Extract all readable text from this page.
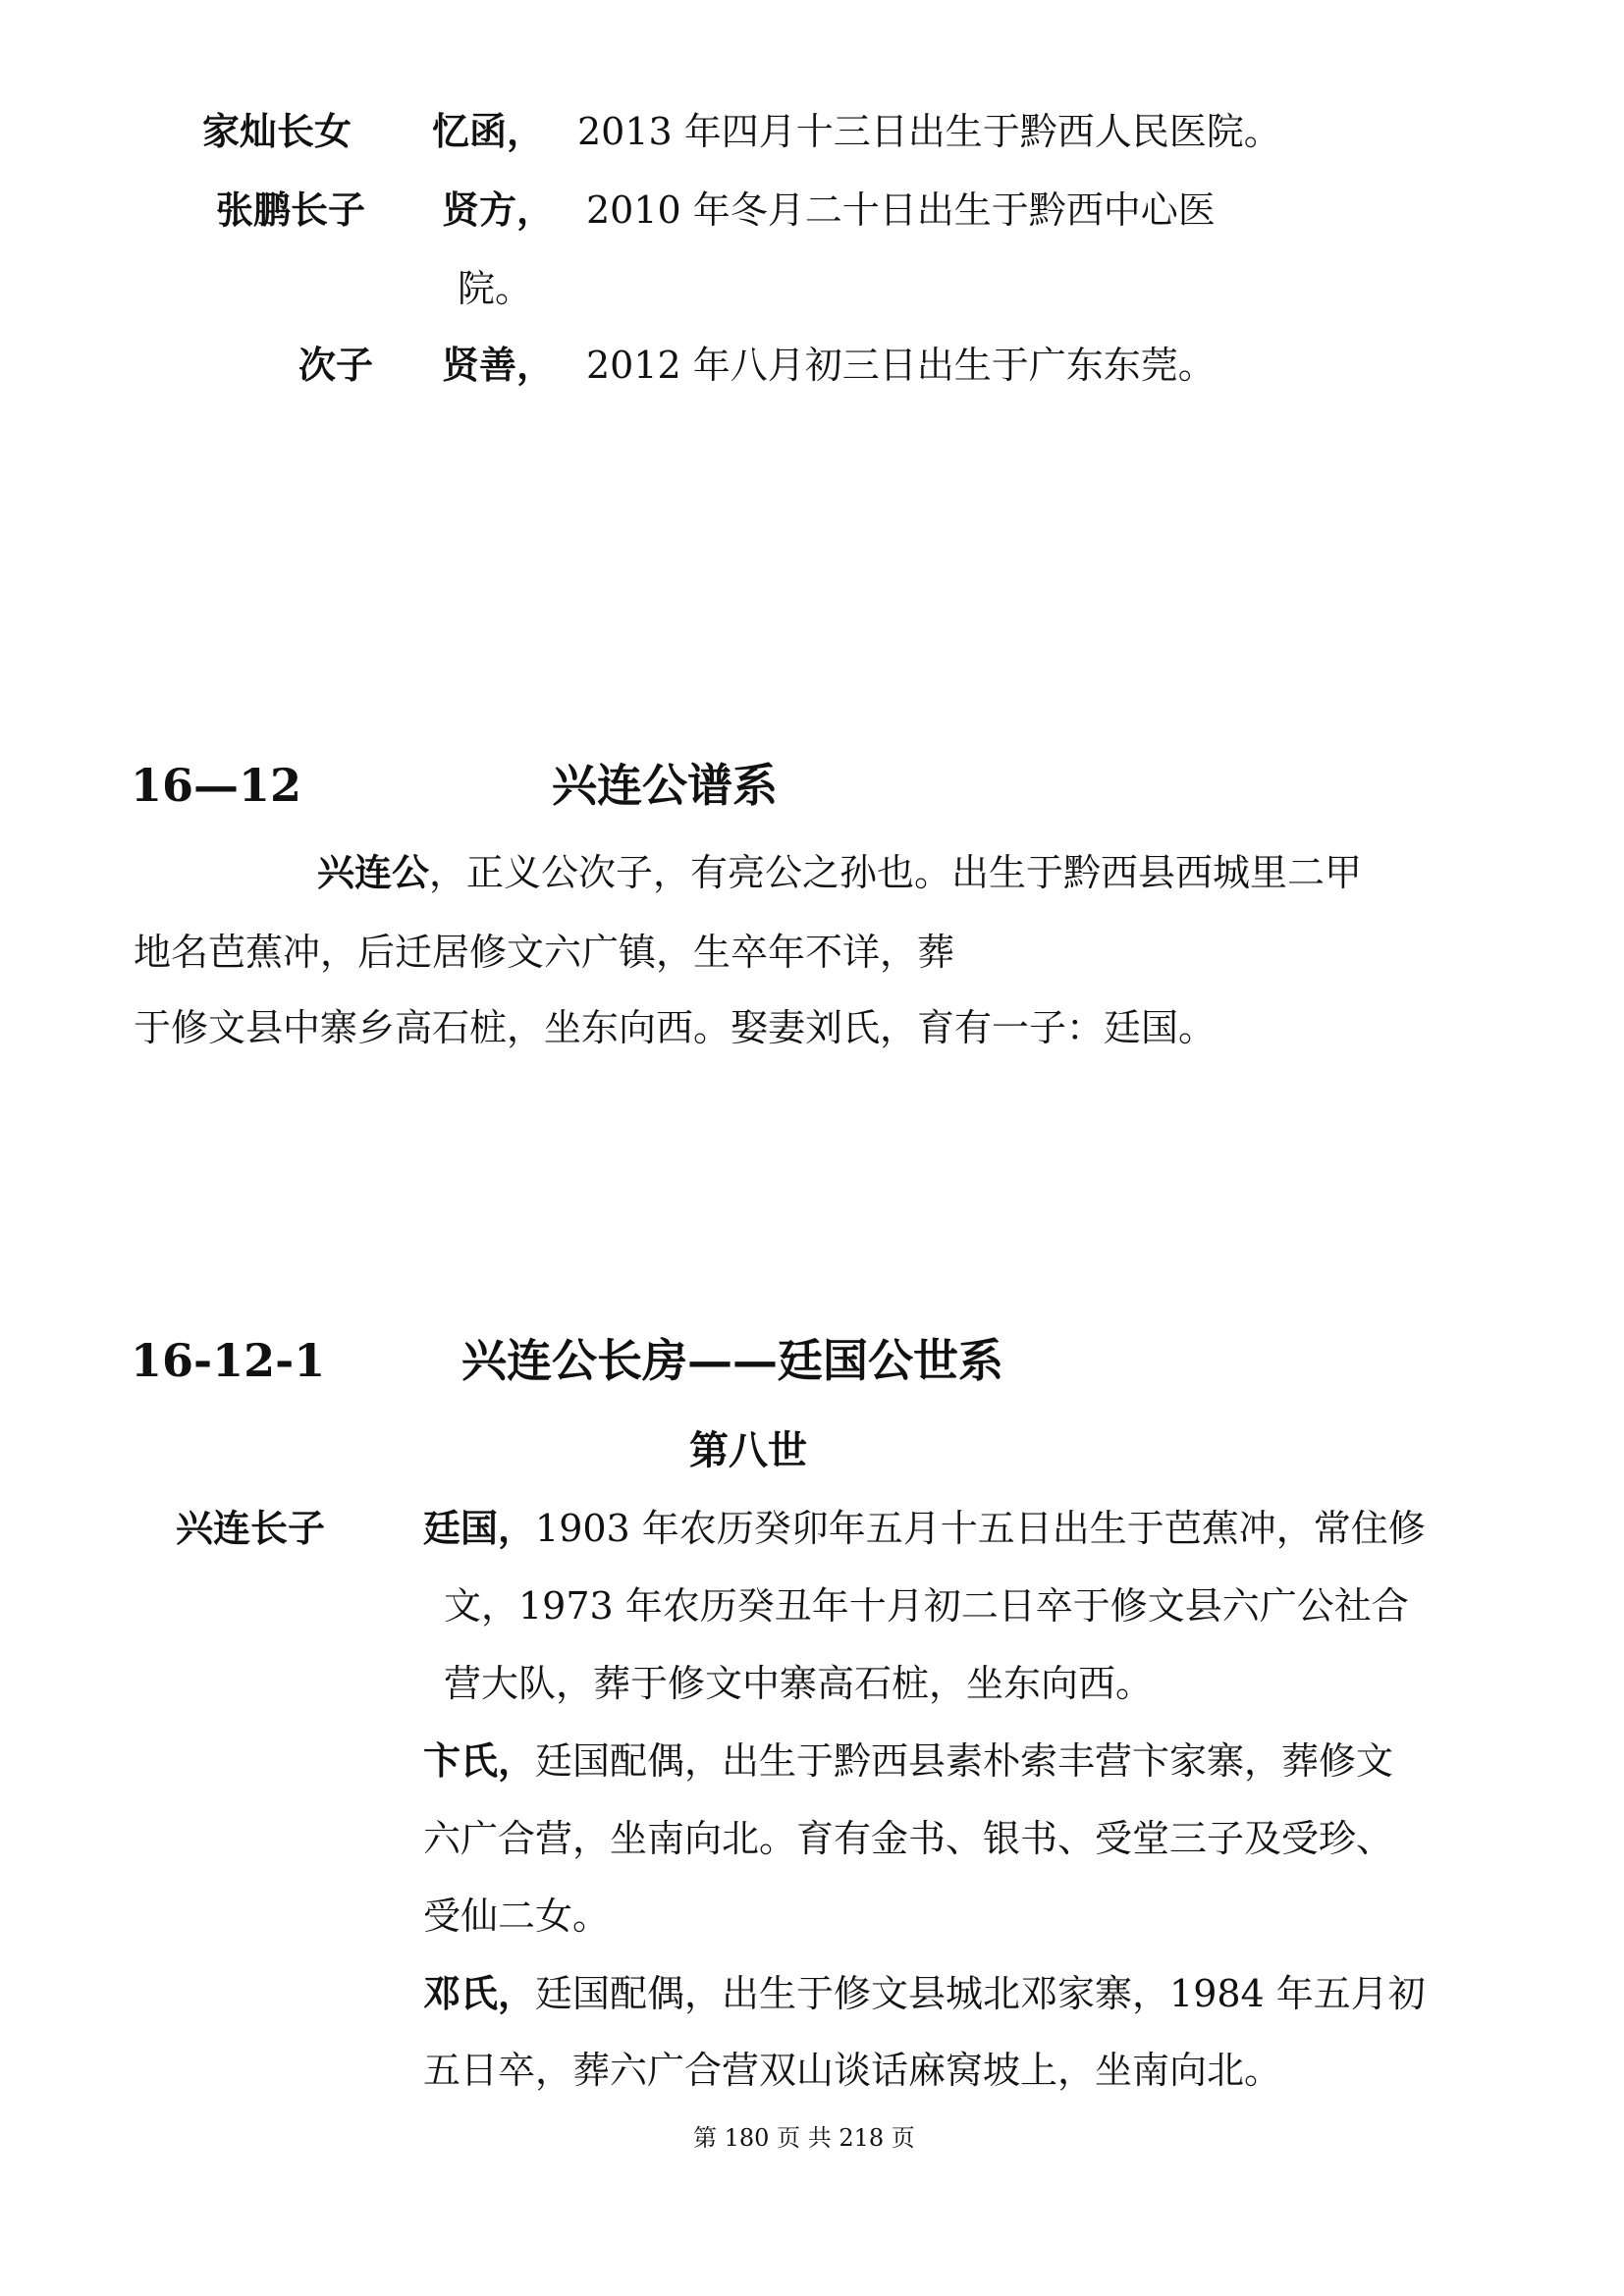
家灿长女 忆函， 2013 年四月十三日出生于黔西人民医院。
张鹏长子 贤方， 2010 年冬月二十日出生于黔西中心医
院。
次子 贤善， 2012 年八月初三日出生于广东东莞。
16—12	兴连公谱系
兴连公，正义公次子，有亮公之孙也。出生于黔西县西城里二甲
地名芭蕉冲，后迁居修文六广镇，生卒年不详，葬
于修文县中寨乡高石桩，坐东向西。娶妻刘氏，育有一子：廷国。
16-12-1	兴连公长房——廷国公世系
第八世
兴连长子	廷国，1903 年农历癸卯年五月十五日出生于芭蕉冲，常住修
文，1973 年农历癸丑年十月初二日卒于修文县六广公社合
营大队，葬于修文中寨高石桩，坐东向西。
卞氏，廷国配偶，出生于黔西县素朴索丰营卞家寨，葬修文
六广合营，坐南向北。育有金书、银书、受堂三子及受珍、
受仙二女。
邓氏，廷国配偶，出生于修文县城北邓家寨，1984 年五月初
五日卒，葬六广合营双山谈话麻窝坡上，坐南向北。
第 180 页 共 218 页
